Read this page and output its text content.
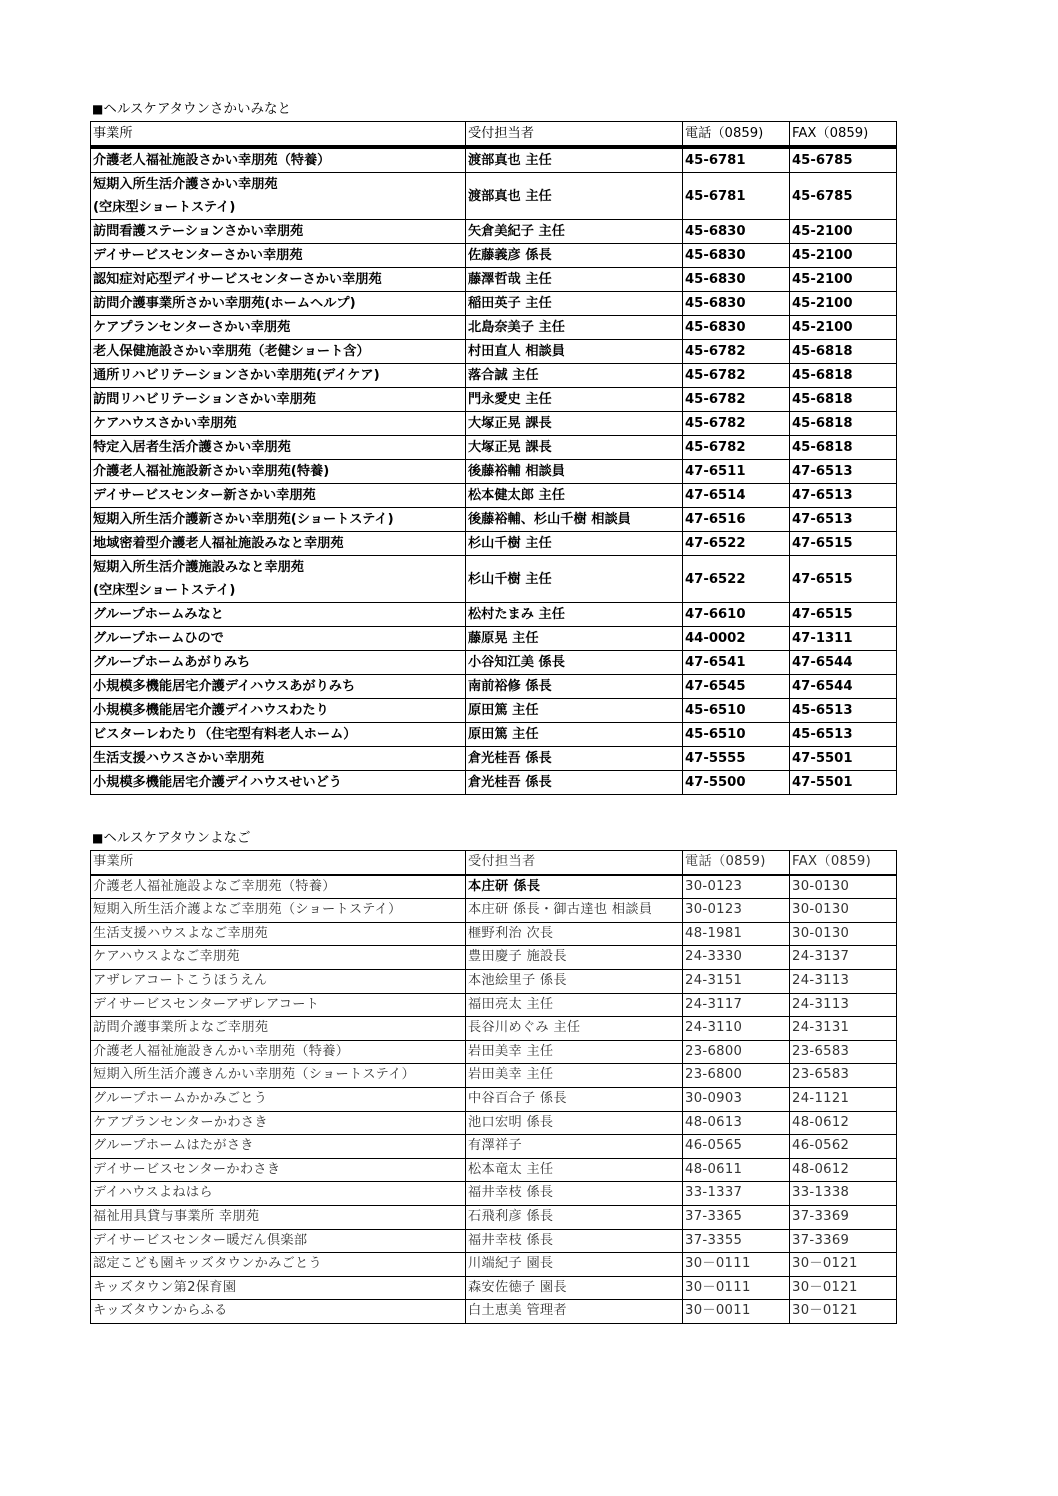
■ヘルスケアタウンさかいみなと
事業所	受付担当者	電話（0859)	FAX（0859)
介護老人福祉施設さかい幸朋苑（特養）	渡部真也 主任	45-6781	45-6785

短期入所生活介護さかい幸朋苑
(空床型ショートステイ)	渡部真也 主任	45-6781	45-6785
訪問看護ステーションさかい幸朋苑	矢倉美紀子 主任	45-6830	45-2100
デイサービスセンターさかい幸朋苑	佐藤義彦 係長	45-6830	45-2100
認知症対応型デイサービスセンターさかい幸朋苑	藤澤哲哉 主任	45-6830	45-2100
訪問介護事業所さかい幸朋苑(ホームヘルプ)	稲田英子 主任	45-6830	45-2100
ケアプランセンターさかい幸朋苑	北島奈美子 主任	45-6830	45-2100
老人保健施設さかい幸朋苑（老健ショート含）	村田直人 相談員	45-6782	45-6818
通所リハビリテーションさかい幸朋苑(デイケア)	落合誠 主任	45-6782	45-6818
訪問リハビリテーションさかい幸朋苑	門永愛史 主任	45-6782	45-6818
ケアハウスさかい幸朋苑	大塚正晃 課長	45-6782	45-6818
特定入居者生活介護さかい幸朋苑	大塚正晃 課長	45-6782	45-6818
介護老人福祉施設新さかい幸朋苑(特養)	後藤裕輔 相談員	47-6511	47-6513
デイサービスセンター新さかい幸朋苑	松本健太郎 主任	47-6514	47-6513
短期入所生活介護新さかい幸朋苑(ショートステイ)	後藤裕輔、杉山千樹 相談員	47-6516	47-6513
地域密着型介護老人福祉施設みなと幸朋苑	杉山千樹 主任	47-6522	47-6515

短期入所生活介護施設みなと幸朋苑
(空床型ショートステイ)	杉山千樹 主任	47-6522	47-6515
グループホームみなと	松村たまみ 主任	47-6610	47-6515
グループホームひので	藤原晃 主任	44-0002	47-1311
グループホームあがりみち	小谷知江美 係長	47-6541	47-6544
小規模多機能居宅介護デイハウスあがりみち	南前裕修 係長	47-6545	47-6544
小規模多機能居宅介護デイハウスわたり	原田篤 主任	45-6510	45-6513
ビスターレわたり（住宅型有料老人ホーム）	原田篤 主任	45-6510	45-6513
生活支援ハウスさかい幸朋苑	倉光桂吾 係長	47-5555	47-5501
小規模多機能居宅介護デイハウスせいどう	倉光桂吾 係長	47-5500	47-5501
■ヘルスケアタウンよなご
事業所	受付担当者	電話（0859)	FAX（0859)
介護老人福祉施設よなご幸朋苑（特養）	本庄研 係長	30-0123	30-0130
短期入所生活介護よなご幸朋苑（ショートステイ）	本庄研 係長・御古達也 相談員	30-0123	30-0130
生活支援ハウスよなご幸朋苑	榧野利治 次長	48-1981	30-0130
ケアハウスよなご幸朋苑	豊田慶子 施設長	24-3330	24-3137
アザレアコートこうほうえん	本池絵里子 係長	24-3151	24-3113
デイサービスセンターアザレアコート	福田亮太 主任	24-3117	24-3113
訪問介護事業所よなご幸朋苑	長谷川めぐみ 主任	24-3110	24-3131
介護老人福祉施設きんかい幸朋苑（特養）	岩田美幸 主任	23-6800	23-6583
短期入所生活介護きんかい幸朋苑（ショートステイ）	岩田美幸 主任	23-6800	23-6583
グループホームかかみごとう	中谷百合子 係長	30-0903	24-1121
ケアプランセンターかわさき	池口宏明 係長	48-0613	48-0612
グループホームはたがさき	有澤祥子	46-0565	46-0562
デイサービスセンターかわさき	松本竜太 主任	48-0611	48-0612
デイハウスよねはら	福井幸枝 係長	33-1337	33-1338
福祉用具貸与事業所 幸朋苑	石飛利彦 係長	37-3365	37-3369
デイサービスセンター暖だん倶楽部	福井幸枝 係長	37-3355	37-3369
認定こども園キッズタウンかみごとう	川端紀子 園長	30－0111	30－0121
キッズタウン第2保育園	森安佐徳子 園長	30－0111	30－0121
キッズタウンからふる	白土恵美 管理者	30－0011	30－0121
